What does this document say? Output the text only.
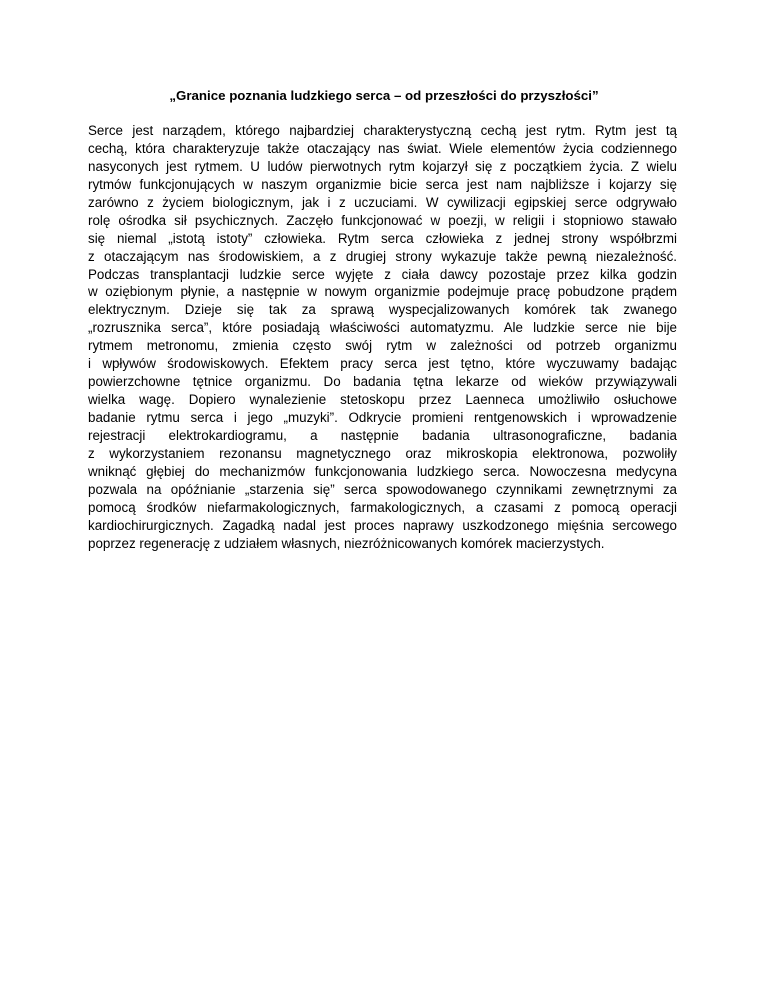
„Granice poznania ludzkiego serca – od przeszłości do przyszłości”

Serce jest narządem, którego najbardziej charakterystyczną cechą jest rytm. Rytm jest tą
cechą, która charakteryzuje także otaczający nas świat. Wiele elementów życia codziennego
nasyconych jest rytmem. U ludów pierwotnych rytm kojarzył się z początkiem życia. Z wielu
rytmów funkcjonujących w naszym organizmie bicie serca jest nam najbliższe i kojarzy się
zarówno z życiem biologicznym, jak i z uczuciami. W cywilizacji egipskiej serce odgrywało
rolę ośrodka sił psychicznych. Zaczęło funkcjonować w poezji, w religii i stopniowo stawało
się niemal „istotą istoty” człowieka. Rytm serca człowieka z jednej strony współbrzmi
z otaczającym nas środowiskiem, a z drugiej strony wykazuje także pewną niezależność.
Podczas transplantacji ludzkie serce wyjęte z ciała dawcy pozostaje przez kilka godzin
w oziębionym płynie, a następnie w nowym organizmie podejmuje pracę pobudzone prądem
elektrycznym. Dzieje się tak za sprawą wyspecjalizowanych komórek tak zwanego
„rozrusznika serca”, które posiadają właściwości automatyzmu. Ale ludzkie serce nie bije
rytmem metronomu, zmienia często swój rytm w zależności od potrzeb organizmu
i wpływów środowiskowych. Efektem pracy serca jest tętno, które wyczuwamy badając
powierzchowne tętnice organizmu. Do badania tętna lekarze od wieków przywiązywali
wielka wagę. Dopiero wynalezienie stetoskopu przez Laenneca umożliwiło osłuchowe
badanie rytmu serca i jego „muzyki”. Odkrycie promieni rentgenowskich i wprowadzenie
rejestracji elektrokardiogramu, a następnie badania ultrasonograficzne, badania
z wykorzystaniem rezonansu magnetycznego oraz mikroskopia elektronowa, pozwoliły
wniknąć głębiej do mechanizmów funkcjonowania ludzkiego serca. Nowoczesna medycyna
pozwala na opóźnianie „starzenia się” serca spowodowanego czynnikami zewnętrznymi za
pomocą środków niefarmakologicznych, farmakologicznych, a czasami z pomocą operacji
kardiochirurgicznych. Zagadką nadal jest proces naprawy uszkodzonego mięśnia sercowego
poprzez regenerację z udziałem własnych, niezróżnicowanych komórek macierzystych.
